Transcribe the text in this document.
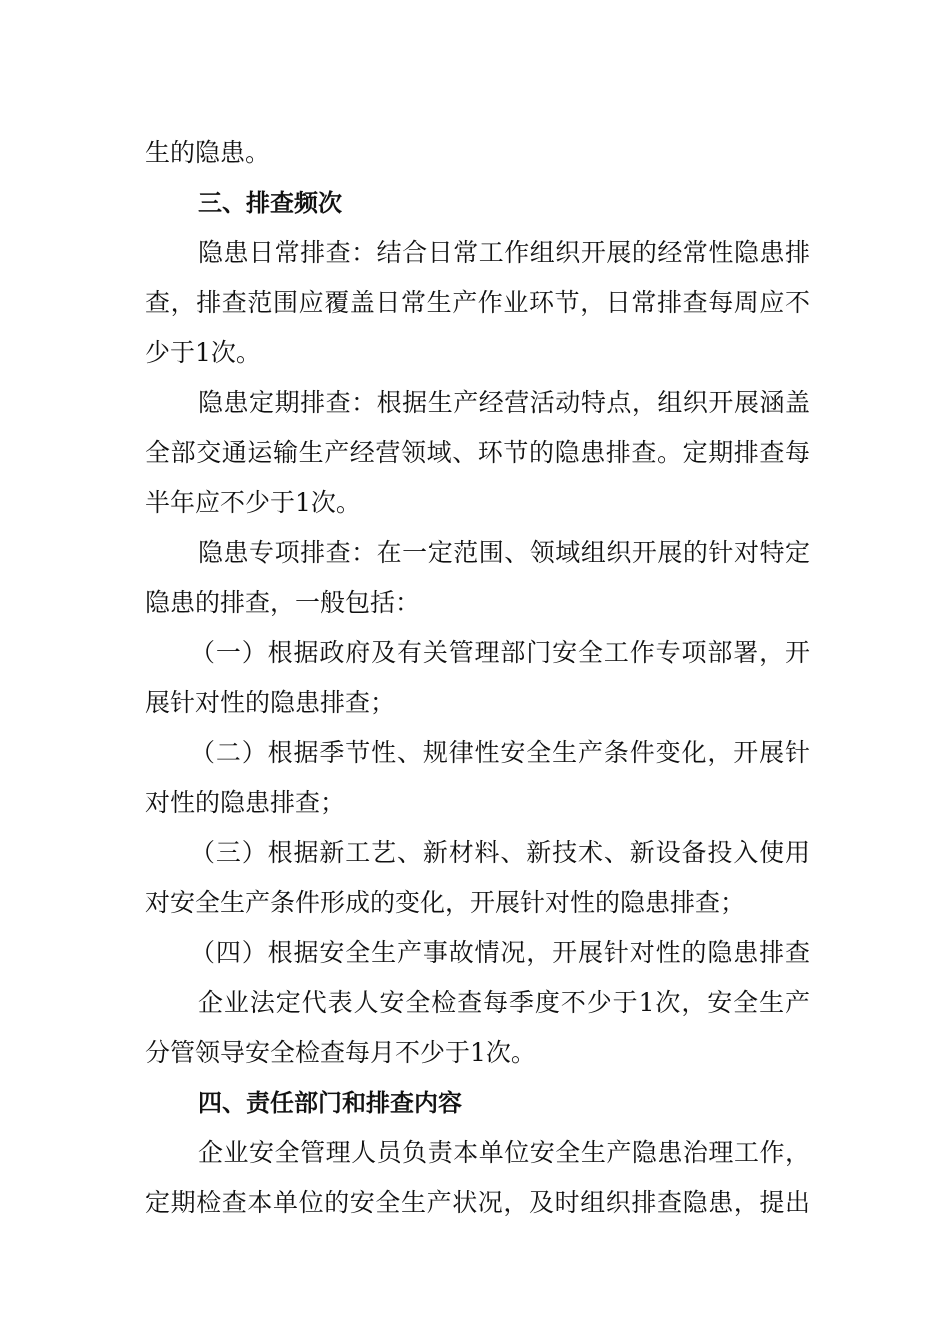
生的隐患。
三、排查频次
隐患日常排查：结合日常工作组织开展的经常性隐患排
查，排查范围应覆盖日常生产作业环节，日常排查每周应不
少于1次。
隐患定期排查：根据生产经营活动特点，组织开展涵盖
全部交通运输生产经营领域、环节的隐患排查。定期排查每
半年应不少于1次。
隐患专项排查：在一定范围、领域组织开展的针对特定
隐患的排查，一般包括：
（一）根据政府及有关管理部门安全工作专项部署，开
展针对性的隐患排查；
（二）根据季节性、规律性安全生产条件变化，开展针
对性的隐患排查；
（三）根据新工艺、新材料、新技术、新设备投入使用
对安全生产条件形成的变化，开展针对性的隐患排查；
（四）根据安全生产事故情况，开展针对性的隐患排查
企业法定代表人安全检查每季度不少于1次，安全生产
分管领导安全检查每月不少于1次。
四、责任部门和排查内容
企业安全管理人员负责本单位安全生产隐患治理工作，
定期检查本单位的安全生产状况，及时组织排查隐患，提出
